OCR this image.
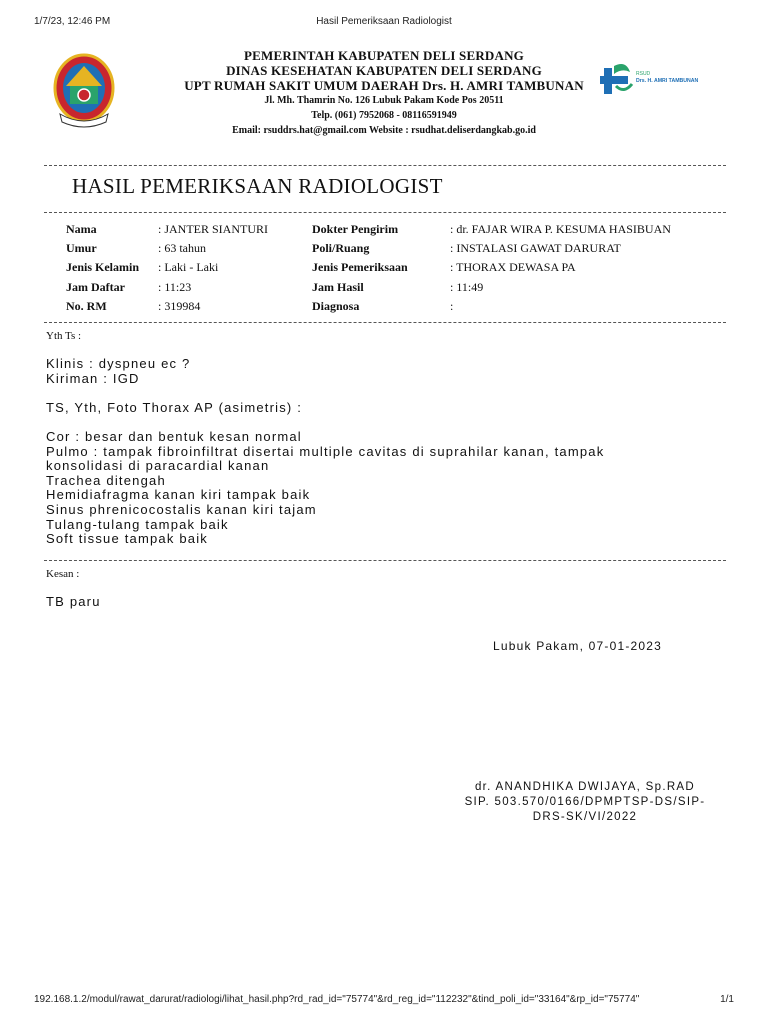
1/7/23, 12:46 PM	Hasil Pemeriksaan Radiologist
PEMERINTAH KABUPATEN DELI SERDANG
DINAS KESEHATAN KABUPATEN DELI SERDANG
UPT RUMAH SAKIT UMUM DAERAH Drs. H. AMRI TAMBUNAN
Jl. Mh. Thamrin No. 126 Lubuk Pakam Kode Pos 20511
Telp. (061) 7952068 - 08116591949
Email: rsuddrs.hat@gmail.com Website : rsudhat.deliserdangkab.go.id
RSUD
Drs. H. AMRI TAMBUNAN
HASIL PEMERIKSAAN RADIOLOGIST
Nama	: JANTER SIANTURI	Dokter Pengirim	: dr. FAJAR WIRA P. KESUMA HASIBUAN
Umur	: 63 tahun	Poli/Ruang	: INSTALASI GAWAT DARURAT
Jenis Kelamin : Laki - Laki	Jenis Pemeriksaan	: THORAX DEWASA PA
Jam Daftar	: 11:23	Jam Hasil	: 11:49
No. RM	: 319984	Diagnosa	:
Yth Ts :
Klinis : dyspneu ec ?
Kiriman : IGD

TS, Yth, Foto Thorax AP (asimetris) :

Cor : besar dan bentuk kesan normal
Pulmo : tampak fibroinfiltrat disertai multiple cavitas di suprahilar kanan, tampak
konsolidasi di paracardial kanan
Trachea ditengah
Hemidiafragma kanan kiri tampak baik
Sinus phrenicocostalis kanan kiri tajam
Tulang-tulang tampak baik
Soft tissue tampak baik
Kesan :
TB paru
Lubuk Pakam, 07-01-2023
dr. ANANDHIKA DWIJAYA, Sp.RAD
SIP. 503.570/0166/DPMPTSP-DS/SIP-
DRS-SK/VI/2022
192.168.1.2/modul/rawat_darurat/radiologi/lihat_hasil.php?rd_rad_id="75774"&rd_reg_id="112232"&tind_poli_id="33164"&rp_id="75774"	1/1
